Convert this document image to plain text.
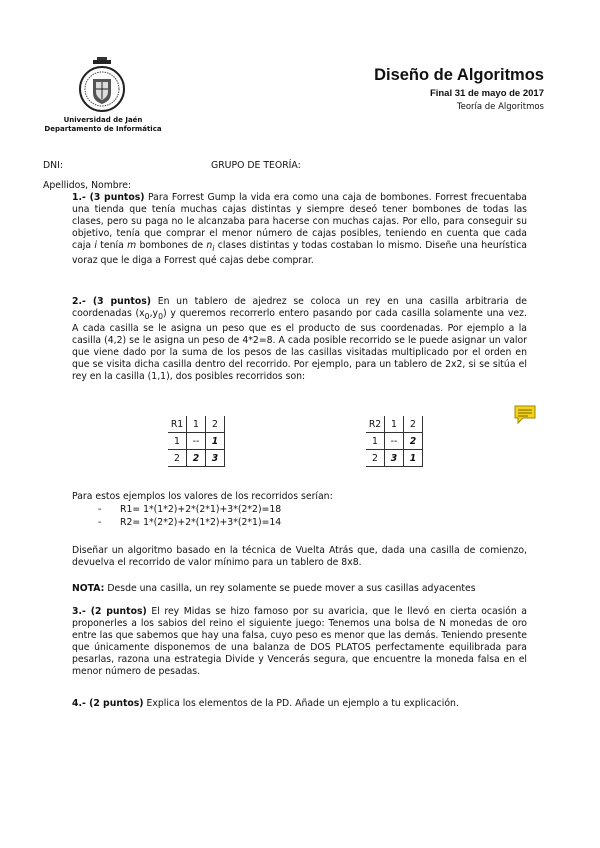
Universidad de Jaén
Departamento de Informática
Diseño de Algoritmos
Final 31 de mayo de 2017
Teoría de Algoritmos
DNI:	GRUPO DE TEORÍA:
Apellidos, Nombre:
1.- (3 puntos) Para Forrest Gump la vida era como una caja de bombones. Forrest frecuentaba una tienda que tenía muchas cajas distintas y siempre deseó tener bombones de todas las clases, pero su paga no le alcanzaba para hacerse con muchas cajas. Por ello, para conseguir su objetivo, tenía que comprar el menor número de cajas posibles, teniendo en cuenta que cada caja i tenía m bombones de $n_i$ clases distintas y todas costaban lo mismo. Diseñe una heurística voraz que le diga a Forrest qué cajas debe comprar.
2.- (3 puntos) En un tablero de ajedrez se coloca un rey en una casilla arbitraria de coordenadas $(x_0,y_0)$ y queremos recorrerlo entero pasando por cada casilla solamente una vez. A cada casilla se le asigna un peso que es el producto de sus coordenadas. Por ejemplo a la casilla (4,2) se le asigna un peso de 4*2=8. A cada posible recorrido se le puede asignar un valor que viene dado por la suma de los pesos de las casillas visitadas multiplicado por el orden en que se visita dicha casilla dentro del recorrido. Por ejemplo, para un tablero de 2x2, si se sitúa el rey en la casilla (1,1), dos posibles recorridos son:
R1	1	2
1	--	1
2	2	3
R2	1	2
1	--	2
2	3	1
Para estos ejemplos los valores de los recorridos serían:
- R1= 1*(1*2)+2*(2*1)+3*(2*2)=18
- R2= 1*(2*2)+2*(1*2)+3*(2*1)=14
Diseñar un algoritmo basado en la técnica de Vuelta Atrás que, dada una casilla de comienzo, devuelva el recorrido de valor mínimo para un tablero de 8x8.
NOTA: Desde una casilla, un rey solamente se puede mover a sus casillas adyacentes
3.- (2 puntos) El rey Midas se hizo famoso por su avaricia, que le llevó en cierta ocasión a proponerles a los sabios del reino el siguiente juego: Tenemos una bolsa de N monedas de oro entre las que sabemos que hay una falsa, cuyo peso es menor que las demás. Teniendo presente que únicamente disponemos de una balanza de DOS PLATOS perfectamente equilibrada para pesarlas, razona una estrategia Divide y Vencerás segura, que encuentre la moneda falsa en el menor número de pesadas.
4.- (2 puntos) Explica los elementos de la PD. Añade un ejemplo a tu explicación.
